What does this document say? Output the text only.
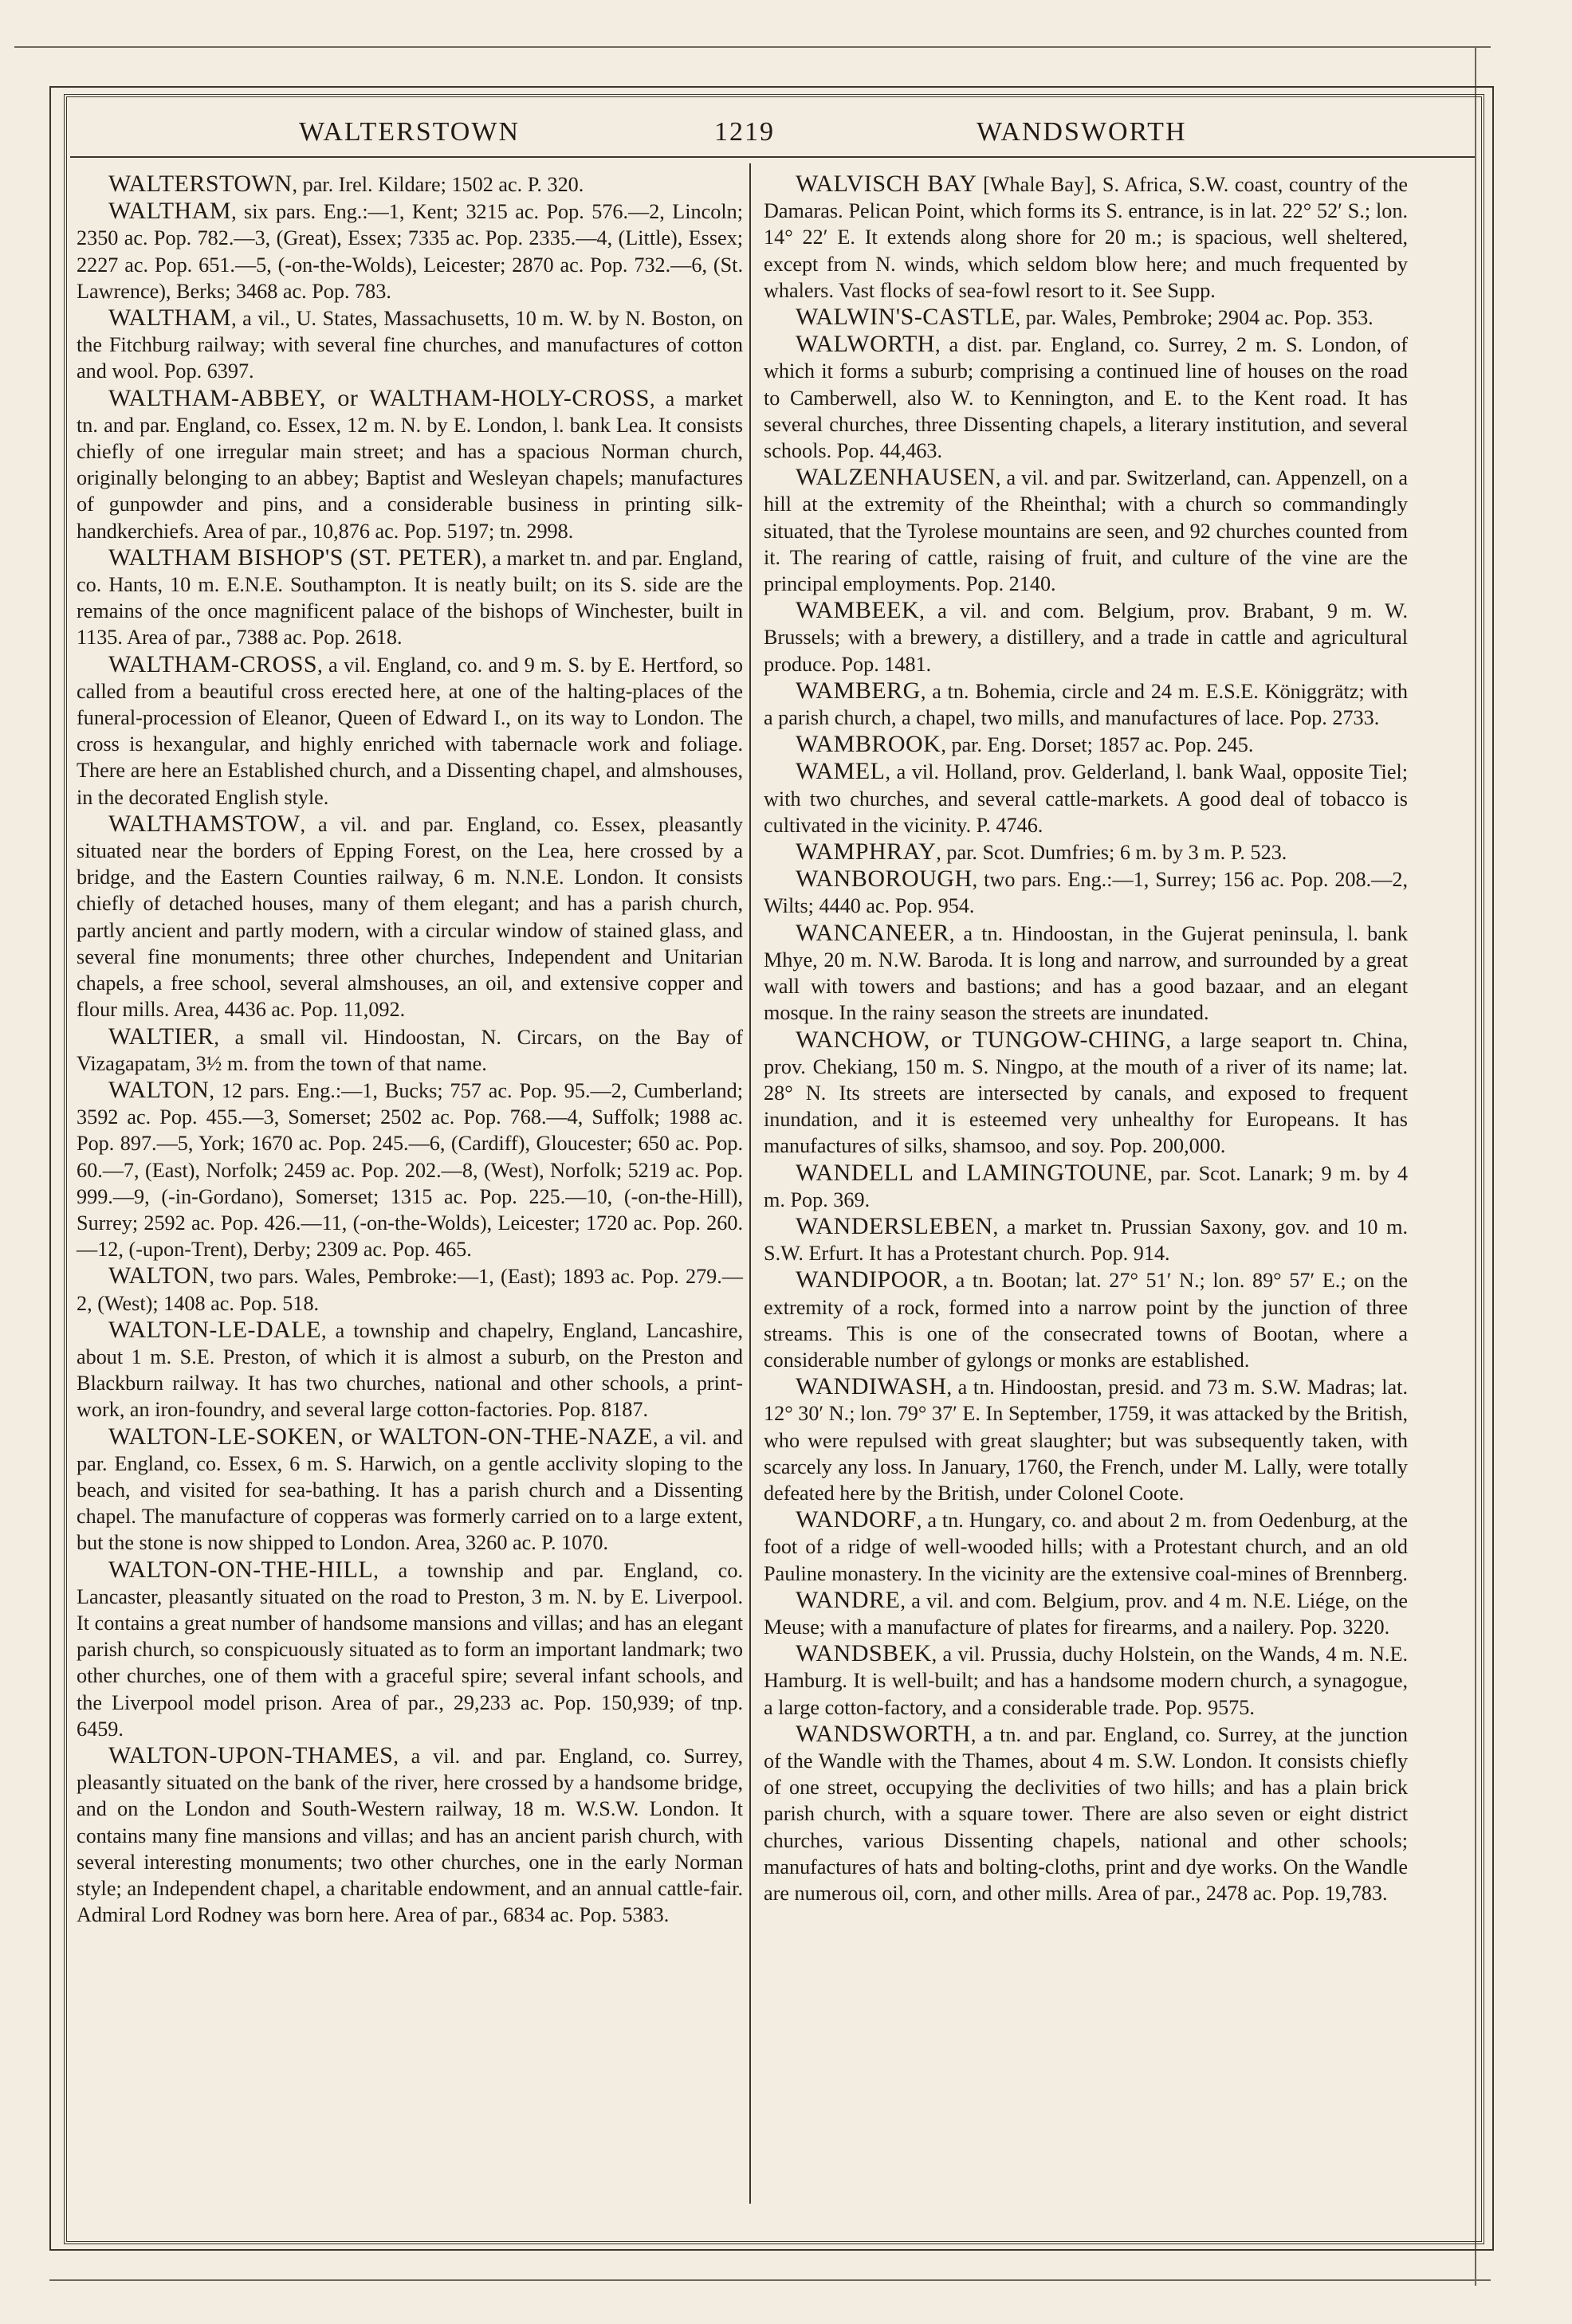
WALTERSTOWN	1219	WANDSWORTH

WALTERSTOWN, par. Irel. Kildare; 1502 ac. P. 320.

WALTHAM, six pars. Eng.:—1, Kent; 3215 ac. Pop. 576.—2, Lincoln; 2350 ac. Pop. 782.—3, (Great), Essex; 7335 ac. Pop. 2335.—4, (Little), Essex; 2227 ac. Pop. 651.—5, (-on-the-Wolds), Leicester; 2870 ac. Pop. 732.—6, (St. Lawrence), Berks; 3468 ac. Pop. 783.

WALTHAM, a vil., U. States, Massachusetts, 10 m. W. by N. Boston, on the Fitchburg railway; with several fine churches, and manufactures of cotton and wool. Pop. 6397.

WALTHAM-ABBEY, or WALTHAM-HOLY-CROSS, a market tn. and par. England, co. Essex, 12 m. N. by E. London, l. bank Lea. It consists chiefly of one irregular main street; and has a spacious Norman church, originally belonging to an abbey; Baptist and Wesleyan chapels; manufactures of gunpowder and pins, and a considerable business in printing silk-handkerchiefs. Area of par., 10,876 ac. Pop. 5197; tn. 2998.

WALTHAM BISHOP'S (ST. PETER), a market tn. and par. England, co. Hants, 10 m. E.N.E. Southampton. It is neatly built; on its S. side are the remains of the once magnificent palace of the bishops of Winchester, built in 1135. Area of par., 7388 ac. Pop. 2618.

WALTHAM-CROSS, a vil. England, co. and 9 m. S. by E. Hertford, so called from a beautiful cross erected here, at one of the halting-places of the funeral-procession of Eleanor, Queen of Edward I., on its way to London. The cross is hexangular, and highly enriched with tabernacle work and foliage. There are here an Established church, and a Dissenting chapel, and almshouses, in the decorated English style.

WALTHAMSTOW, a vil. and par. England, co. Essex, pleasantly situated near the borders of Epping Forest, on the Lea, here crossed by a bridge, and the Eastern Counties railway, 6 m. N.N.E. London. It consists chiefly of detached houses, many of them elegant; and has a parish church, partly ancient and partly modern, with a circular window of stained glass, and several fine monuments; three other churches, Independent and Unitarian chapels, a free school, several almshouses, an oil, and extensive copper and flour mills. Area, 4436 ac. Pop. 11,092.

WALTIER, a small vil. Hindoostan, N. Circars, on the Bay of Vizagapatam, 3½ m. from the town of that name.

WALTON, 12 pars. Eng.:—1, Bucks; 757 ac. Pop. 95.—2, Cumberland; 3592 ac. Pop. 455.—3, Somerset; 2502 ac. Pop. 768.—4, Suffolk; 1988 ac. Pop. 897.—5, York; 1670 ac. Pop. 245.—6, (Cardiff), Gloucester; 650 ac. Pop. 60.—7, (East), Norfolk; 2459 ac. Pop. 202.—8, (West), Norfolk; 5219 ac. Pop. 999.—9, (-in-Gordano), Somerset; 1315 ac. Pop. 225.—10, (-on-the-Hill), Surrey; 2592 ac. Pop. 426.—11, (-on-the-Wolds), Leicester; 1720 ac. Pop. 260.—12, (-upon-Trent), Derby; 2309 ac. Pop. 465.

WALTON, two pars. Wales, Pembroke:—1, (East); 1893 ac. Pop. 279.—2, (West); 1408 ac. Pop. 518.

WALTON-LE-DALE, a township and chapelry, England, Lancashire, about 1 m. S.E. Preston, of which it is almost a suburb, on the Preston and Blackburn railway. It has two churches, national and other schools, a print-work, an iron-foundry, and several large cotton-factories. Pop. 8187.

WALTON-LE-SOKEN, or WALTON-ON-THE-NAZE, a vil. and par. England, co. Essex, 6 m. S. Harwich, on a gentle acclivity sloping to the beach, and visited for sea-bathing. It has a parish church and a Dissenting chapel. The manufacture of copperas was formerly carried on to a large extent, but the stone is now shipped to London. Area, 3260 ac. P. 1070.

WALTON-ON-THE-HILL, a township and par. England, co. Lancaster, pleasantly situated on the road to Preston, 3 m. N. by E. Liverpool. It contains a great number of handsome mansions and villas; and has an elegant parish church, so conspicuously situated as to form an important landmark; two other churches, one of them with a graceful spire; several infant schools, and the Liverpool model prison. Area of par., 29,233 ac. Pop. 150,939; of tnp. 6459.

WALTON-UPON-THAMES, a vil. and par. England, co. Surrey, pleasantly situated on the bank of the river, here crossed by a handsome bridge, and on the London and South-Western railway, 18 m. W.S.W. London. It contains many fine mansions and villas; and has an ancient parish church, with several interesting monuments; two other churches, one in the early Norman style; an Independent chapel, a charitable endowment, and an annual cattle-fair. Admiral Lord Rodney was born here. Area of par., 6834 ac. Pop. 5383.

WALVISCH BAY [Whale Bay], S. Africa, S.W. coast, country of the Damaras. Pelican Point, which forms its S. entrance, is in lat. 22° 52′ S.; lon. 14° 22′ E. It extends along shore for 20 m.; is spacious, well sheltered, except from N. winds, which seldom blow here; and much frequented by whalers. Vast flocks of sea-fowl resort to it. See Supp.

WALWIN'S-CASTLE, par. Wales, Pembroke; 2904 ac. Pop. 353.

WALWORTH, a dist. par. England, co. Surrey, 2 m. S. London, of which it forms a suburb; comprising a continued line of houses on the road to Camberwell, also W. to Kennington, and E. to the Kent road. It has several churches, three Dissenting chapels, a literary institution, and several schools. Pop. 44,463.

WALZENHAUSEN, a vil. and par. Switzerland, can. Appenzell, on a hill at the extremity of the Rheinthal; with a church so commandingly situated, that the Tyrolese mountains are seen, and 92 churches counted from it. The rearing of cattle, raising of fruit, and culture of the vine are the principal employments. Pop. 2140.

WAMBEEK, a vil. and com. Belgium, prov. Brabant, 9 m. W. Brussels; with a brewery, a distillery, and a trade in cattle and agricultural produce. Pop. 1481.

WAMBERG, a tn. Bohemia, circle and 24 m. E.S.E. Königgrätz; with a parish church, a chapel, two mills, and manufactures of lace. Pop. 2733.

WAMBROOK, par. Eng. Dorset; 1857 ac. Pop. 245.

WAMEL, a vil. Holland, prov. Gelderland, l. bank Waal, opposite Tiel; with two churches, and several cattle-markets. A good deal of tobacco is cultivated in the vicinity. P. 4746.

WAMPHRAY, par. Scot. Dumfries; 6 m. by 3 m. P. 523.

WANBOROUGH, two pars. Eng.:—1, Surrey; 156 ac. Pop. 208.—2, Wilts; 4440 ac. Pop. 954.

WANCANEER, a tn. Hindoostan, in the Gujerat peninsula, l. bank Mhye, 20 m. N.W. Baroda. It is long and narrow, and surrounded by a great wall with towers and bastions; and has a good bazaar, and an elegant mosque. In the rainy season the streets are inundated.

WANCHOW, or TUNGOW-CHING, a large seaport tn. China, prov. Chekiang, 150 m. S. Ningpo, at the mouth of a river of its name; lat. 28° N. Its streets are intersected by canals, and exposed to frequent inundation, and it is esteemed very unhealthy for Europeans. It has manufactures of silks, shamsoo, and soy. Pop. 200,000.

WANDELL and LAMINGTOUNE, par. Scot. Lanark; 9 m. by 4 m. Pop. 369.

WANDERSLEBEN, a market tn. Prussian Saxony, gov. and 10 m. S.W. Erfurt. It has a Protestant church. Pop. 914.

WANDIPOOR, a tn. Bootan; lat. 27° 51′ N.; lon. 89° 57′ E.; on the extremity of a rock, formed into a narrow point by the junction of three streams. This is one of the consecrated towns of Bootan, where a considerable number of gylongs or monks are established.

WANDIWASH, a tn. Hindoostan, presid. and 73 m. S.W. Madras; lat. 12° 30′ N.; lon. 79° 37′ E. In September, 1759, it was attacked by the British, who were repulsed with great slaughter; but was subsequently taken, with scarcely any loss. In January, 1760, the French, under M. Lally, were totally defeated here by the British, under Colonel Coote.

WANDORF, a tn. Hungary, co. and about 2 m. from Oedenburg, at the foot of a ridge of well-wooded hills; with a Protestant church, and an old Pauline monastery. In the vicinity are the extensive coal-mines of Brennberg.

WANDRE, a vil. and com. Belgium, prov. and 4 m. N.E. Liége, on the Meuse; with a manufacture of plates for firearms, and a nailery. Pop. 3220.

WANDSBEK, a vil. Prussia, duchy Holstein, on the Wands, 4 m. N.E. Hamburg. It is well-built; and has a handsome modern church, a synagogue, a large cotton-factory, and a considerable trade. Pop. 9575.

WANDSWORTH, a tn. and par. England, co. Surrey, at the junction of the Wandle with the Thames, about 4 m. S.W. London. It consists chiefly of one street, occupying the declivities of two hills; and has a plain brick parish church, with a square tower. There are also seven or eight district churches, various Dissenting chapels, national and other schools; manufactures of hats and bolting-cloths, print and dye works. On the Wandle are numerous oil, corn, and other mills. Area of par., 2478 ac. Pop. 19,783.
